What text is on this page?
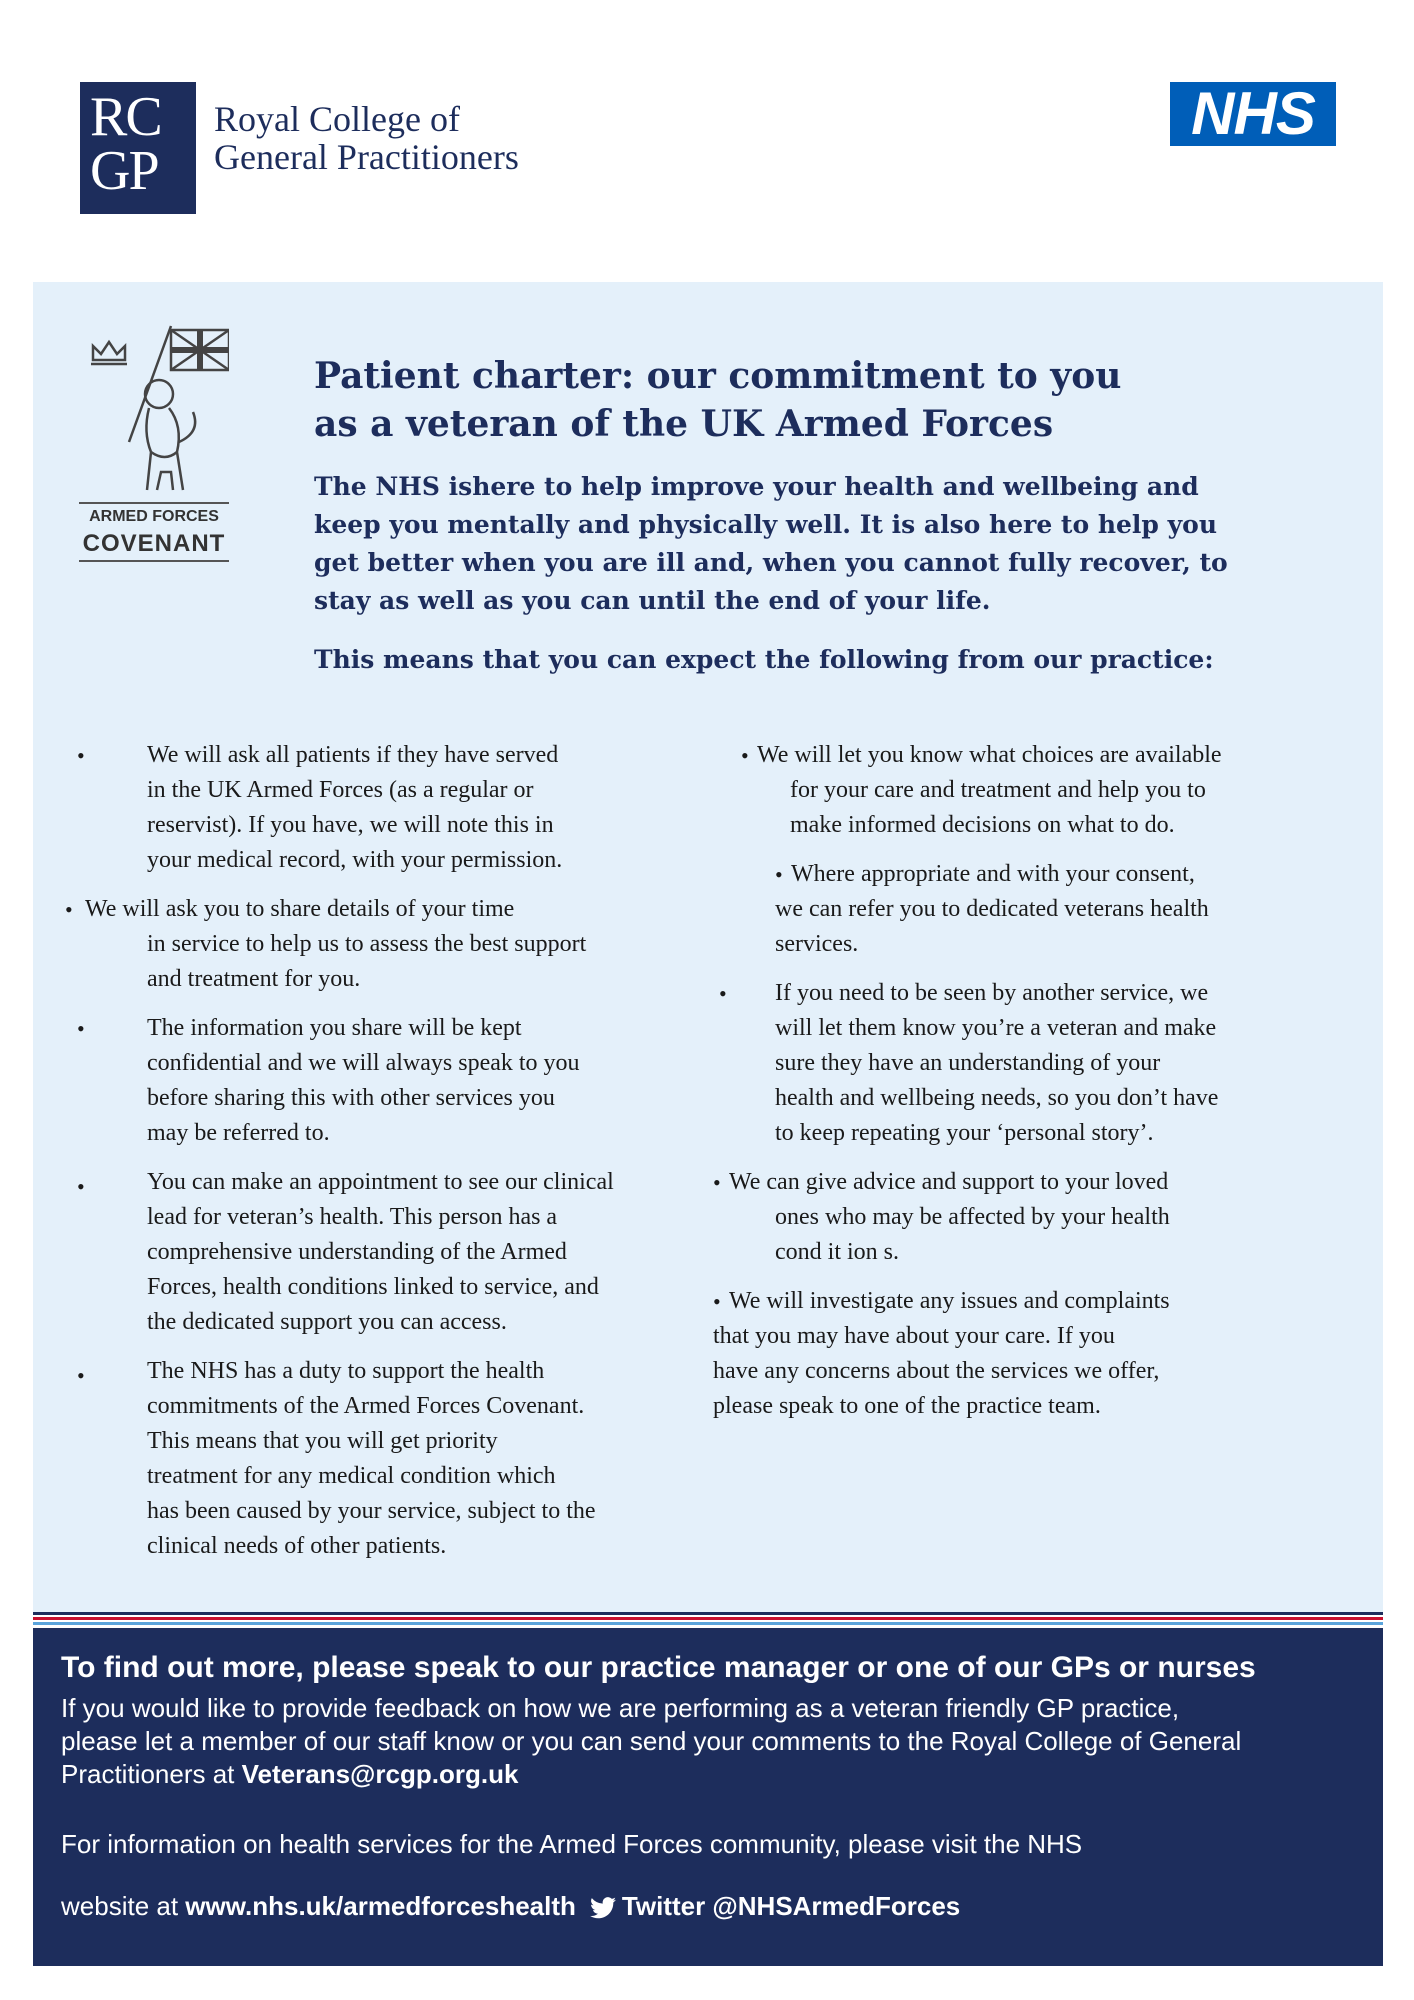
RC
GP
Royal College of
General Practitioners
NHS
ARMED FORCES
COVENANT
Patient charter: our commitment to you
as a veteran of the UK Armed Forces
The NHS ishere to help improve your health and wellbeing and
keep you mentally and physically well. It is also here to help you
get better when you are ill and, when you cannot fully recover, to
stay as well as you can until the end of your life.
This means that you can expect the following from our practice:
•	We will ask all patients if they have served
in the UK Armed Forces (as a regular or
reservist). If you have, we will note this in
your medical record, with your permission.
• We will ask you to share details of your time
in service to help us to assess the best support
and treatment for you.
•	The information you share will be kept
confidential and we will always speak to you
before sharing this with other services you
may be referred to.
•	You can make an appointment to see our clinical
lead for veteran’s health. This person has a
comprehensive understanding of the Armed
Forces, health conditions linked to service, and
the dedicated support you can access.
•	The NHS has a duty to support the health
commitments of the Armed Forces Covenant.
This means that you will get priority
treatment for any medical condition which
has been caused by your service, subject to the
clinical needs of other patients.
• We will let you know what choices are available
for your care and treatment and help you to
make informed decisions on what to do.
• Where appropriate and with your consent,
we can refer you to dedicated veterans health
services.
•	If you need to be seen by another service, we
will let them know you’re a veteran and make
sure they have an understanding of your
health and wellbeing needs, so you don’t have
to keep repeating your ‘personal story’.
• We can give advice and support to your loved
ones who may be affected by your health
cond it ion s.
• We will investigate any issues and complaints
that you may have about your care. If you
have any concerns about the services we offer,
please speak to one of the practice team.
To find out more, please speak to our practice manager or one of our GPs or nurses
If you would like to provide feedback on how we are performing as a veteran friendly GP practice,
please let a member of our staff know or you can send your comments to the Royal College of General
Practitioners at Veterans@rcgp.org.uk
For information on health services for the Armed Forces community, please visit the NHS
website at www.nhs.uk/armedforceshealth Twitter @NHSArmedForces
